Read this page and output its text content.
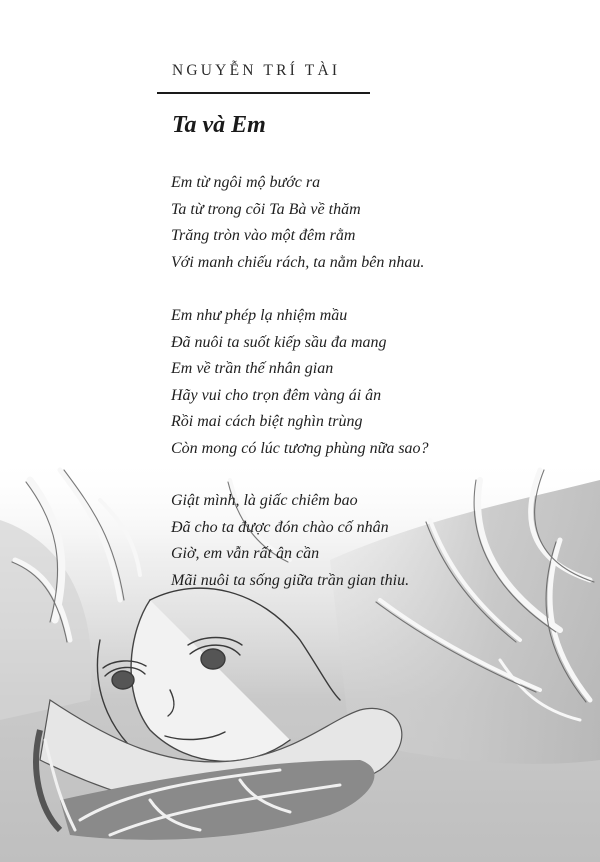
NGUYỄN TRÍ TÀI
Ta và Em
Em từ ngôi mộ bước ra
Ta từ trong cõi Ta Bà về thăm
Trăng tròn vào một đêm rằm
Với manh chiếu rách, ta nằm bên nhau.
Em như phép lạ nhiệm mầu
Đã nuôi ta suốt kiếp sầu đa mang
Em về trần thế nhân gian
Hãy vui cho trọn đêm vàng ái ân
Rồi mai cách biệt nghìn trùng
Còn mong có lúc tương phùng nữa sao?
Giật mình, là giấc chiêm bao
Đã cho ta được đón chào cố nhân
Giờ, em vẫn rất ân cần
Mãi nuôi ta sống giữa trần gian thiu.
